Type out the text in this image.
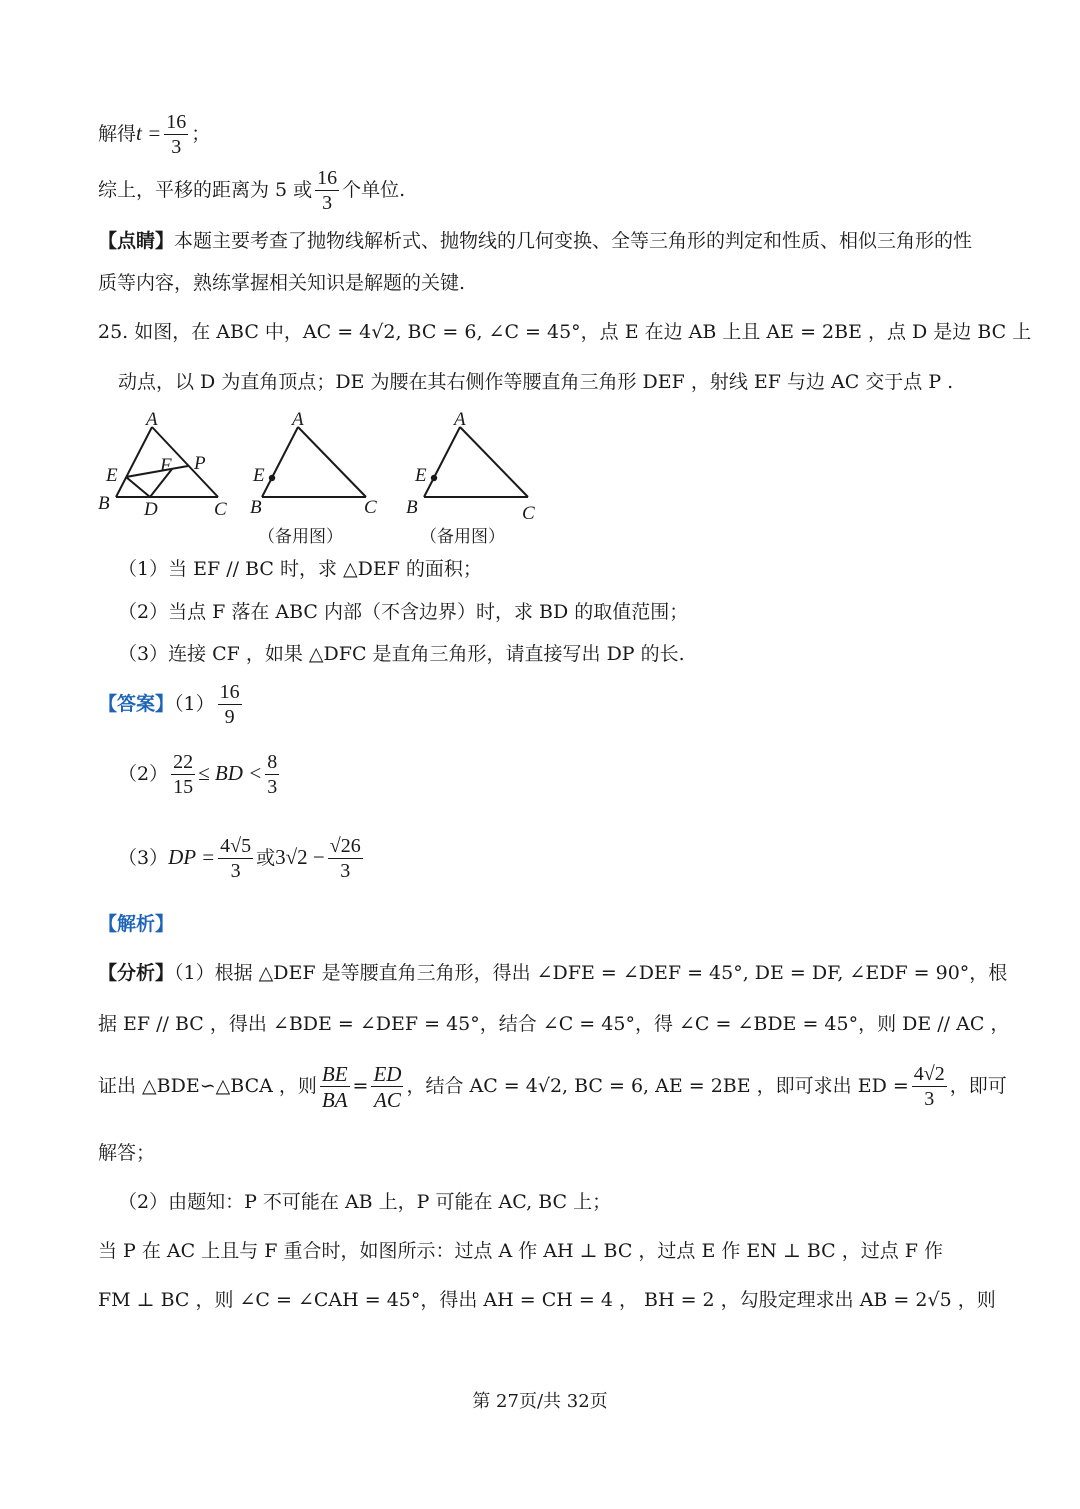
解得$t = \frac{16}{3}$ ；
综上，平移的距离为 5 或 $\frac{16}{3}$ 个单位.
【点睛】本题主要考查了抛物线解析式、抛物线的几何变换、全等三角形的判定和性质、相似三角形的性
质等内容，熟练掌握相关知识是解题的关键.
25. 如图，在 ABC 中，AC = 4√2, BC = 6, ∠C = 45°，点 E 在边 AB 上且 AE = 2BE ，点 D 是边 BC 上
动点，以 D 为直角顶点；DE 为腰在其右侧作等腰直角三角形 DEF ，射线 EF 与边 AC 交于点 P .
A
E F P
B D	C
A
E
B	C
A
E
B	C
（备用图）	（备用图）
（1）当 EF // BC 时，求 △DEF 的面积；
（2）当点 F 落在 ABC 内部（不含边界）时，求 BD 的取值范围；
（3）连接 CF ，如果 △DFC 是直角三角形，请直接写出 DP 的长.
【答案】$(1) \frac{16}{9}$
$(2) \frac{22}{15}$ ≤ BD < $\frac{8}{3}$
$(3)DP = \frac{4√5}{3}$ 或$3√2 - \frac{√26}{3}$
【解析】
【分析】（1）根据 △DEF 是等腰直角三角形，得出 ∠DFE = ∠DEF = 45°, DE = DF, ∠EDF = 90°，根
据 EF // BC ，得出 ∠BDE = ∠DEF = 45°，结合 ∠C = 45°，得 ∠C = ∠BDE = 45°，则 DE // AC ，
证出 △BDE∽△BCA ，则 $\frac{BE}{BA} = \frac{ED}{AC}$ ，结合 AC = 4√2, BC = 6, AE = 2BE ，即可求出 ED = $\frac{4√2}{3}$ ，即可
解答；
（2）由题知：P 不可能在 AB 上，P 可能在 AC, BC 上；
当 P 在 AC 上且与 F 重合时，如图所示：过点 A 作 AH ⊥ BC ，过点 E 作 EN ⊥ BC ，过点 F 作
FM ⊥ BC ，则 ∠C = ∠CAH = 45°，得出 AH = CH = 4 ， BH = 2 ，勾股定理求出 AB = 2√5 ，则
第 27页/共 32页
